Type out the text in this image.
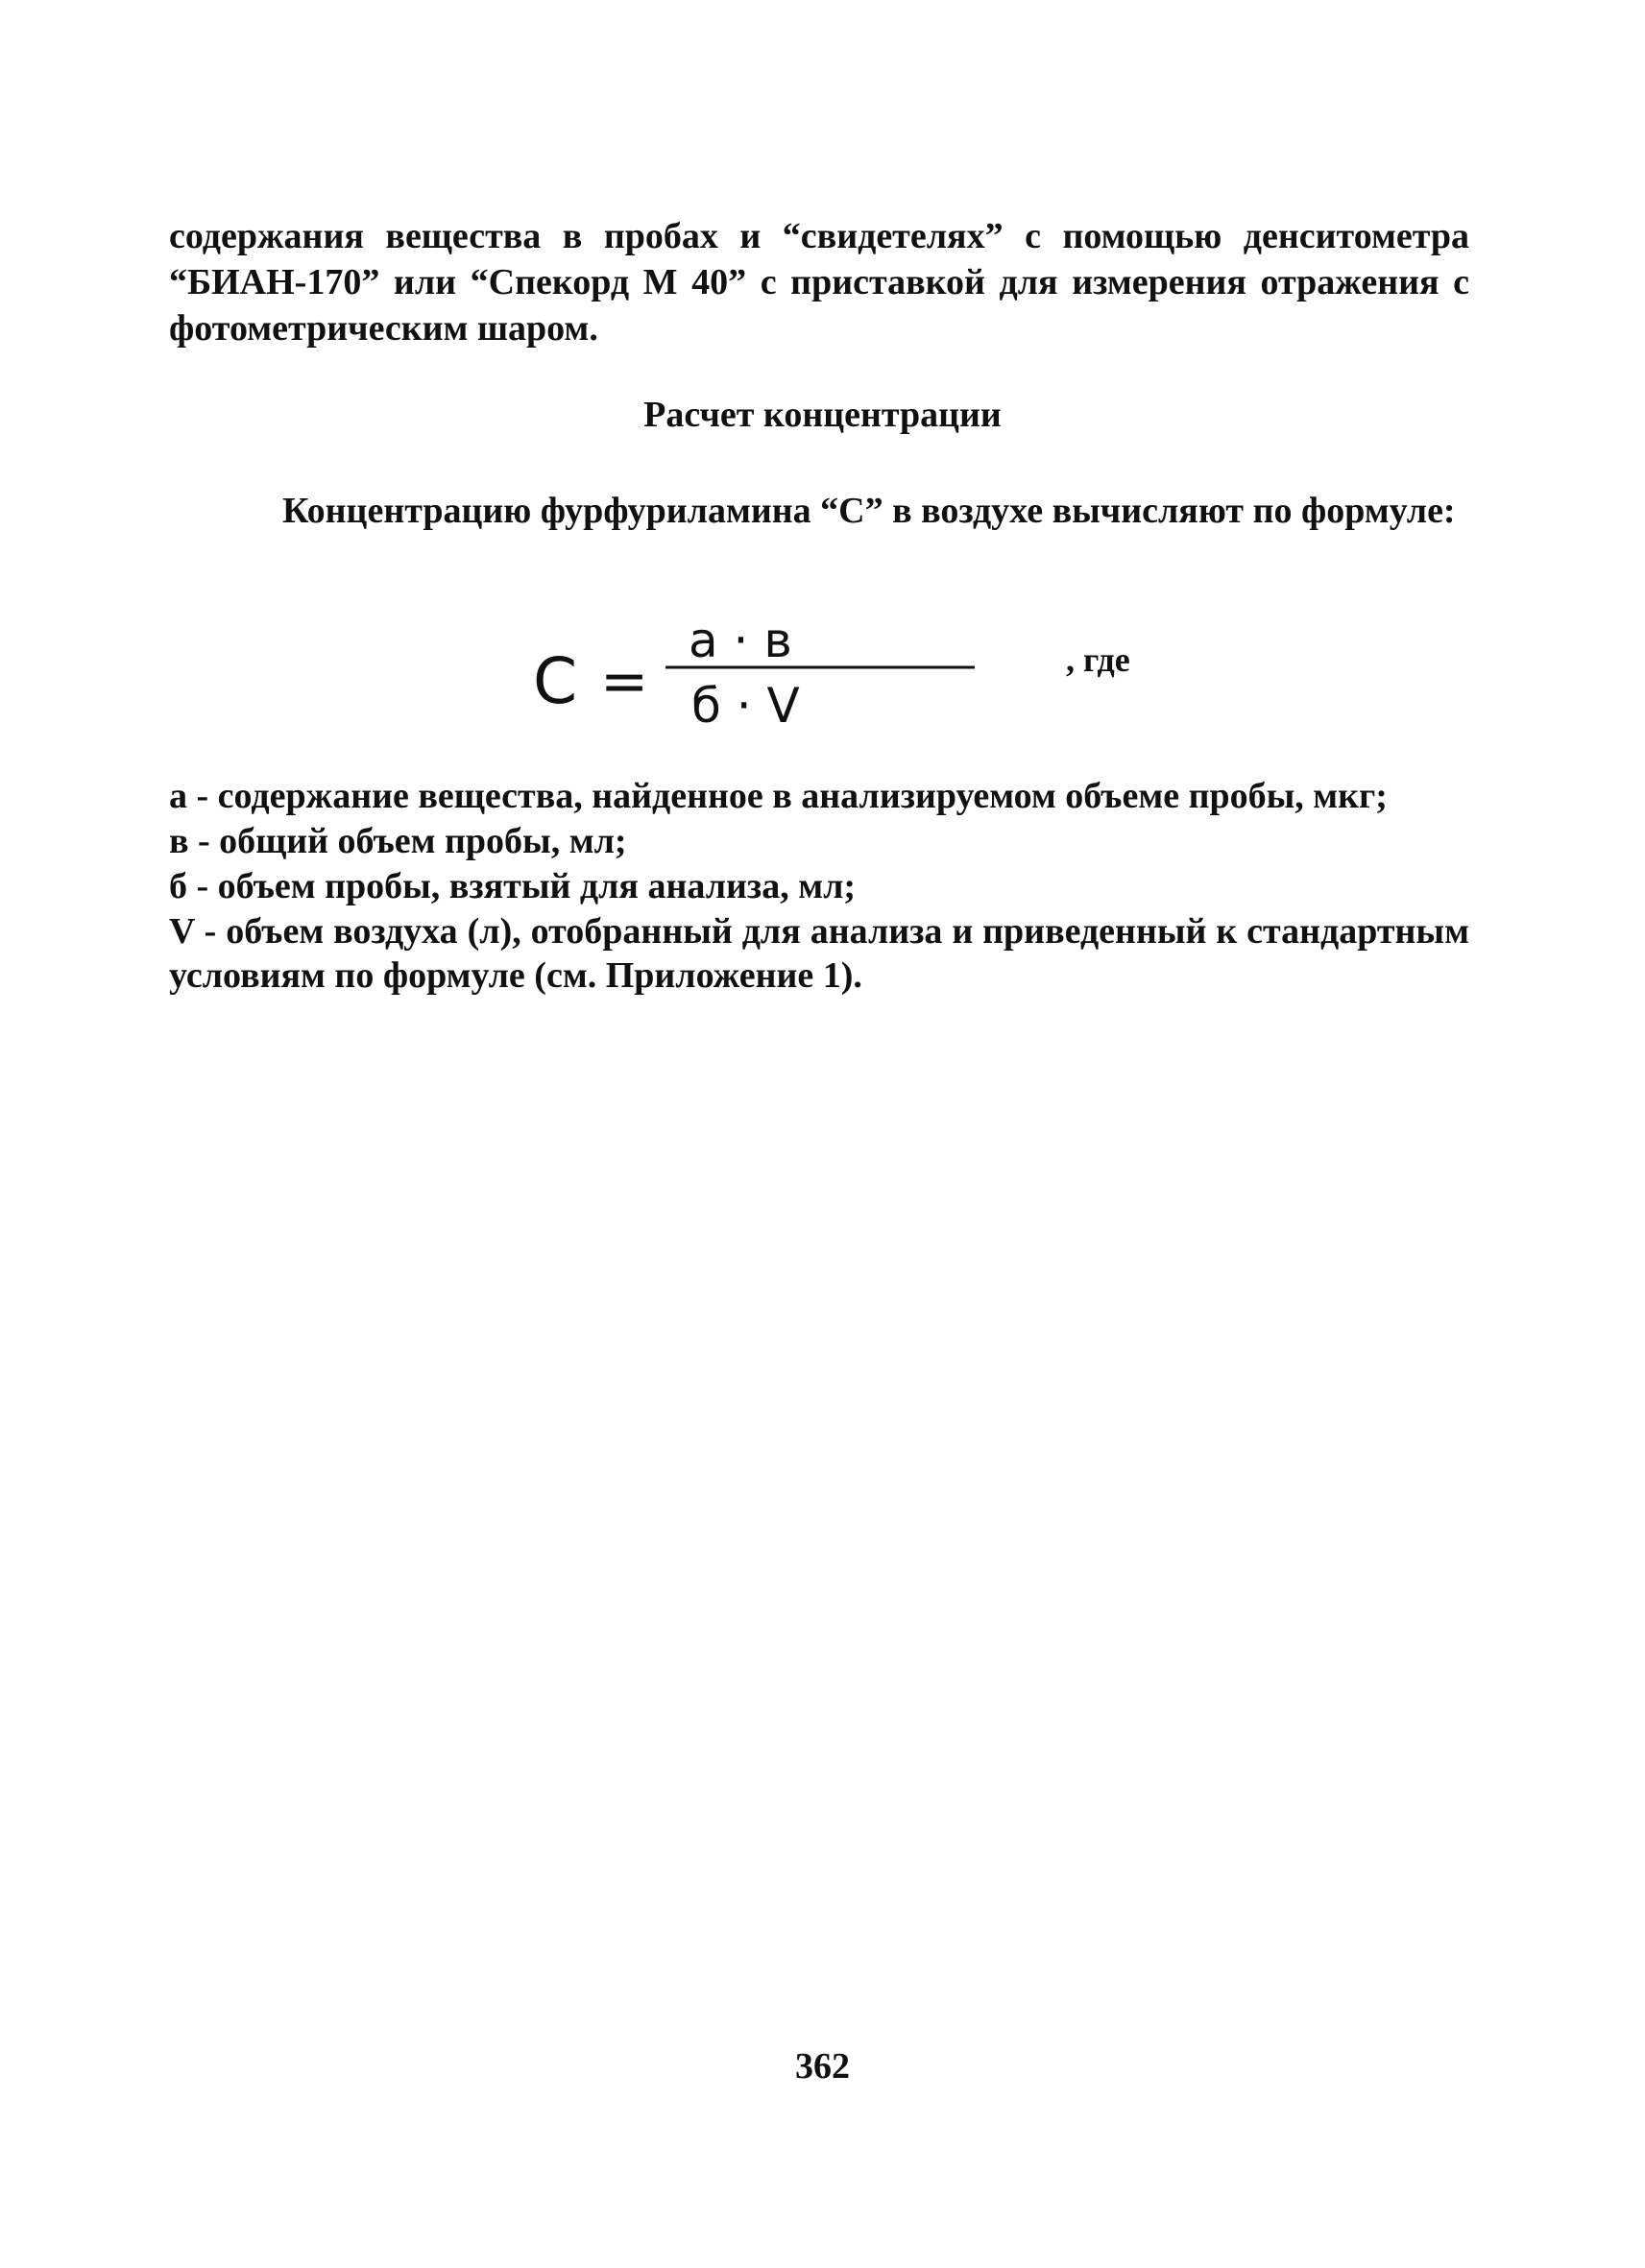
содержания вещества в пробах и “свидетелях” с помощью денситометра “БИАН-170” или “Спекорд М 40” с приставкой для измерения отражения с фотометрическим шаром.

Расчет концентрации

Концентрацию фурфуриламина “С” в воздухе вычисляют по формуле:

C =
a · в
б · V
, где

а - содержание вещества, найденное в анализируемом объеме пробы, мкг;

в - общий объем пробы, мл;

б - объем пробы, взятый для анализа, мл;

V - объем воздуха (л), отобранный для анализа и приведенный к стандартным условиям по формуле (см. Приложение 1).

362
